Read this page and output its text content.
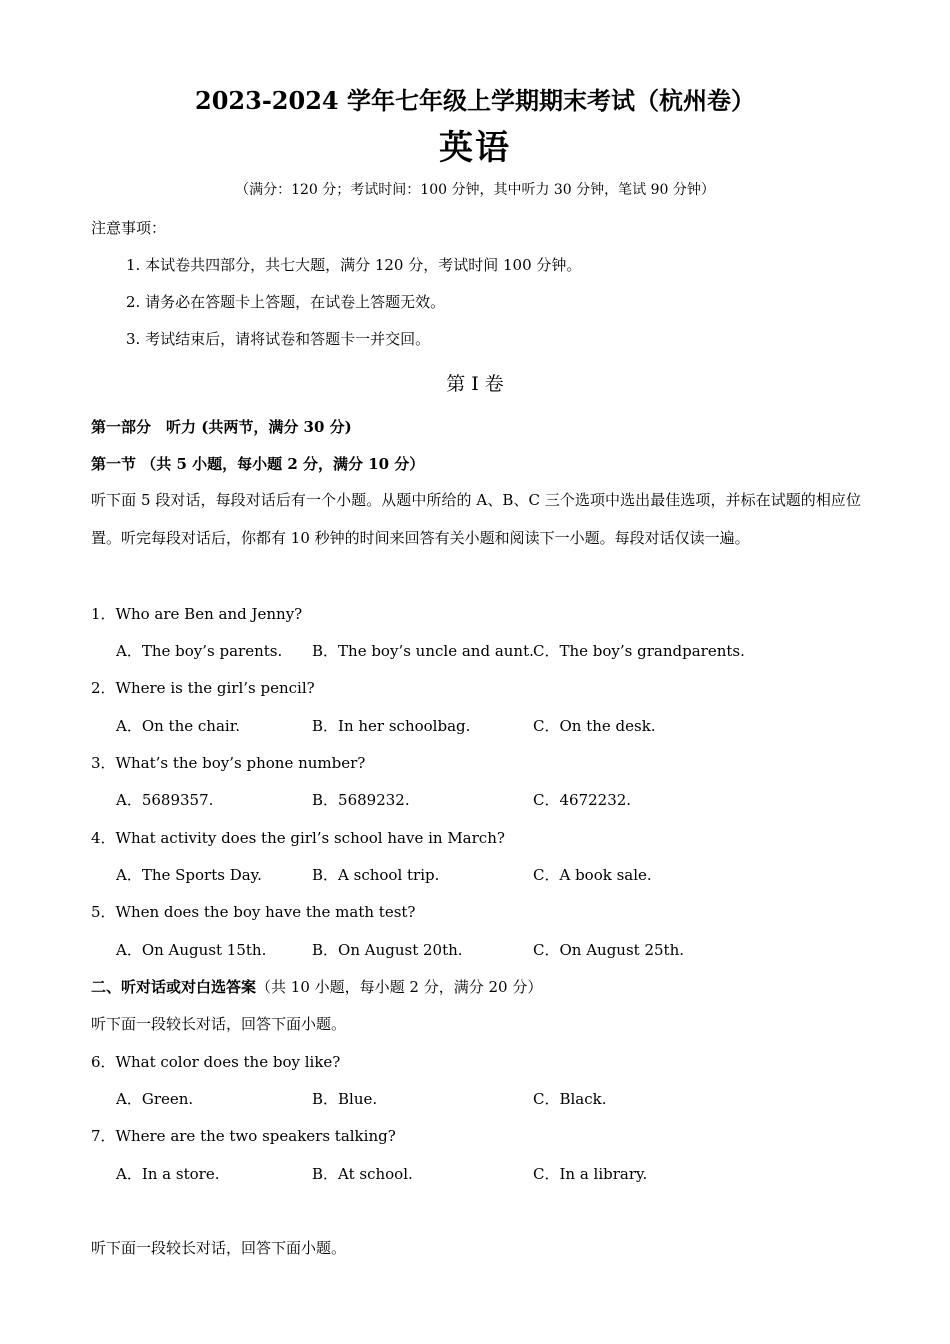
2023-2024 学年七年级上学期期末考试（杭州卷）
英语
（满分：120 分；考试时间：100 分钟，其中听力 30 分钟，笔试 90 分钟）
注意事项：
1. 本试卷共四部分，共七大题，满分 120 分，考试时间 100 分钟。
2. 请务必在答题卡上答题，在试卷上答题无效。
3. 考试结束后，请将试卷和答题卡一并交回。
第 I 卷
第一部分　听力 (共两节，满分 30 分)
第一节 （共 5 小题，每小题 2 分，满分 10 分）
听下面 5 段对话，每段对话后有一个小题。从题中所给的 A、B、C 三个选项中选出最佳选项，并标在试题的相应位置。听完每段对话后，你都有 10 秒钟的时间来回答有关小题和阅读下一小题。每段对话仅读一遍。
1．Who are Ben and Jenny?
A．The boy’s parents. B．The boy’s uncle and aunt. C．The boy’s grandparents.
2．Where is the girl’s pencil?
A．On the chair.	B．In her schoolbag.	C．On the desk.
3．What’s the boy’s phone number?
A．5689357.	B．5689232.	C．4672232.
4．What activity does the girl’s school have in March?
A．The Sports Day.	B．A school trip.	C．A book sale.
5．When does the boy have the math test?
A．On August 15th.	B．On August 20th.	C．On August 25th.
二、听对话或对白选答案（共 10 小题，每小题 2 分，满分 20 分）
听下面一段较长对话，回答下面小题。
6．What color does the boy like?
A．Green.	B．Blue.	C．Black.
7．Where are the two speakers talking?
A．In a store.	B．At school.	C．In a library.
听下面一段较长对话，回答下面小题。
